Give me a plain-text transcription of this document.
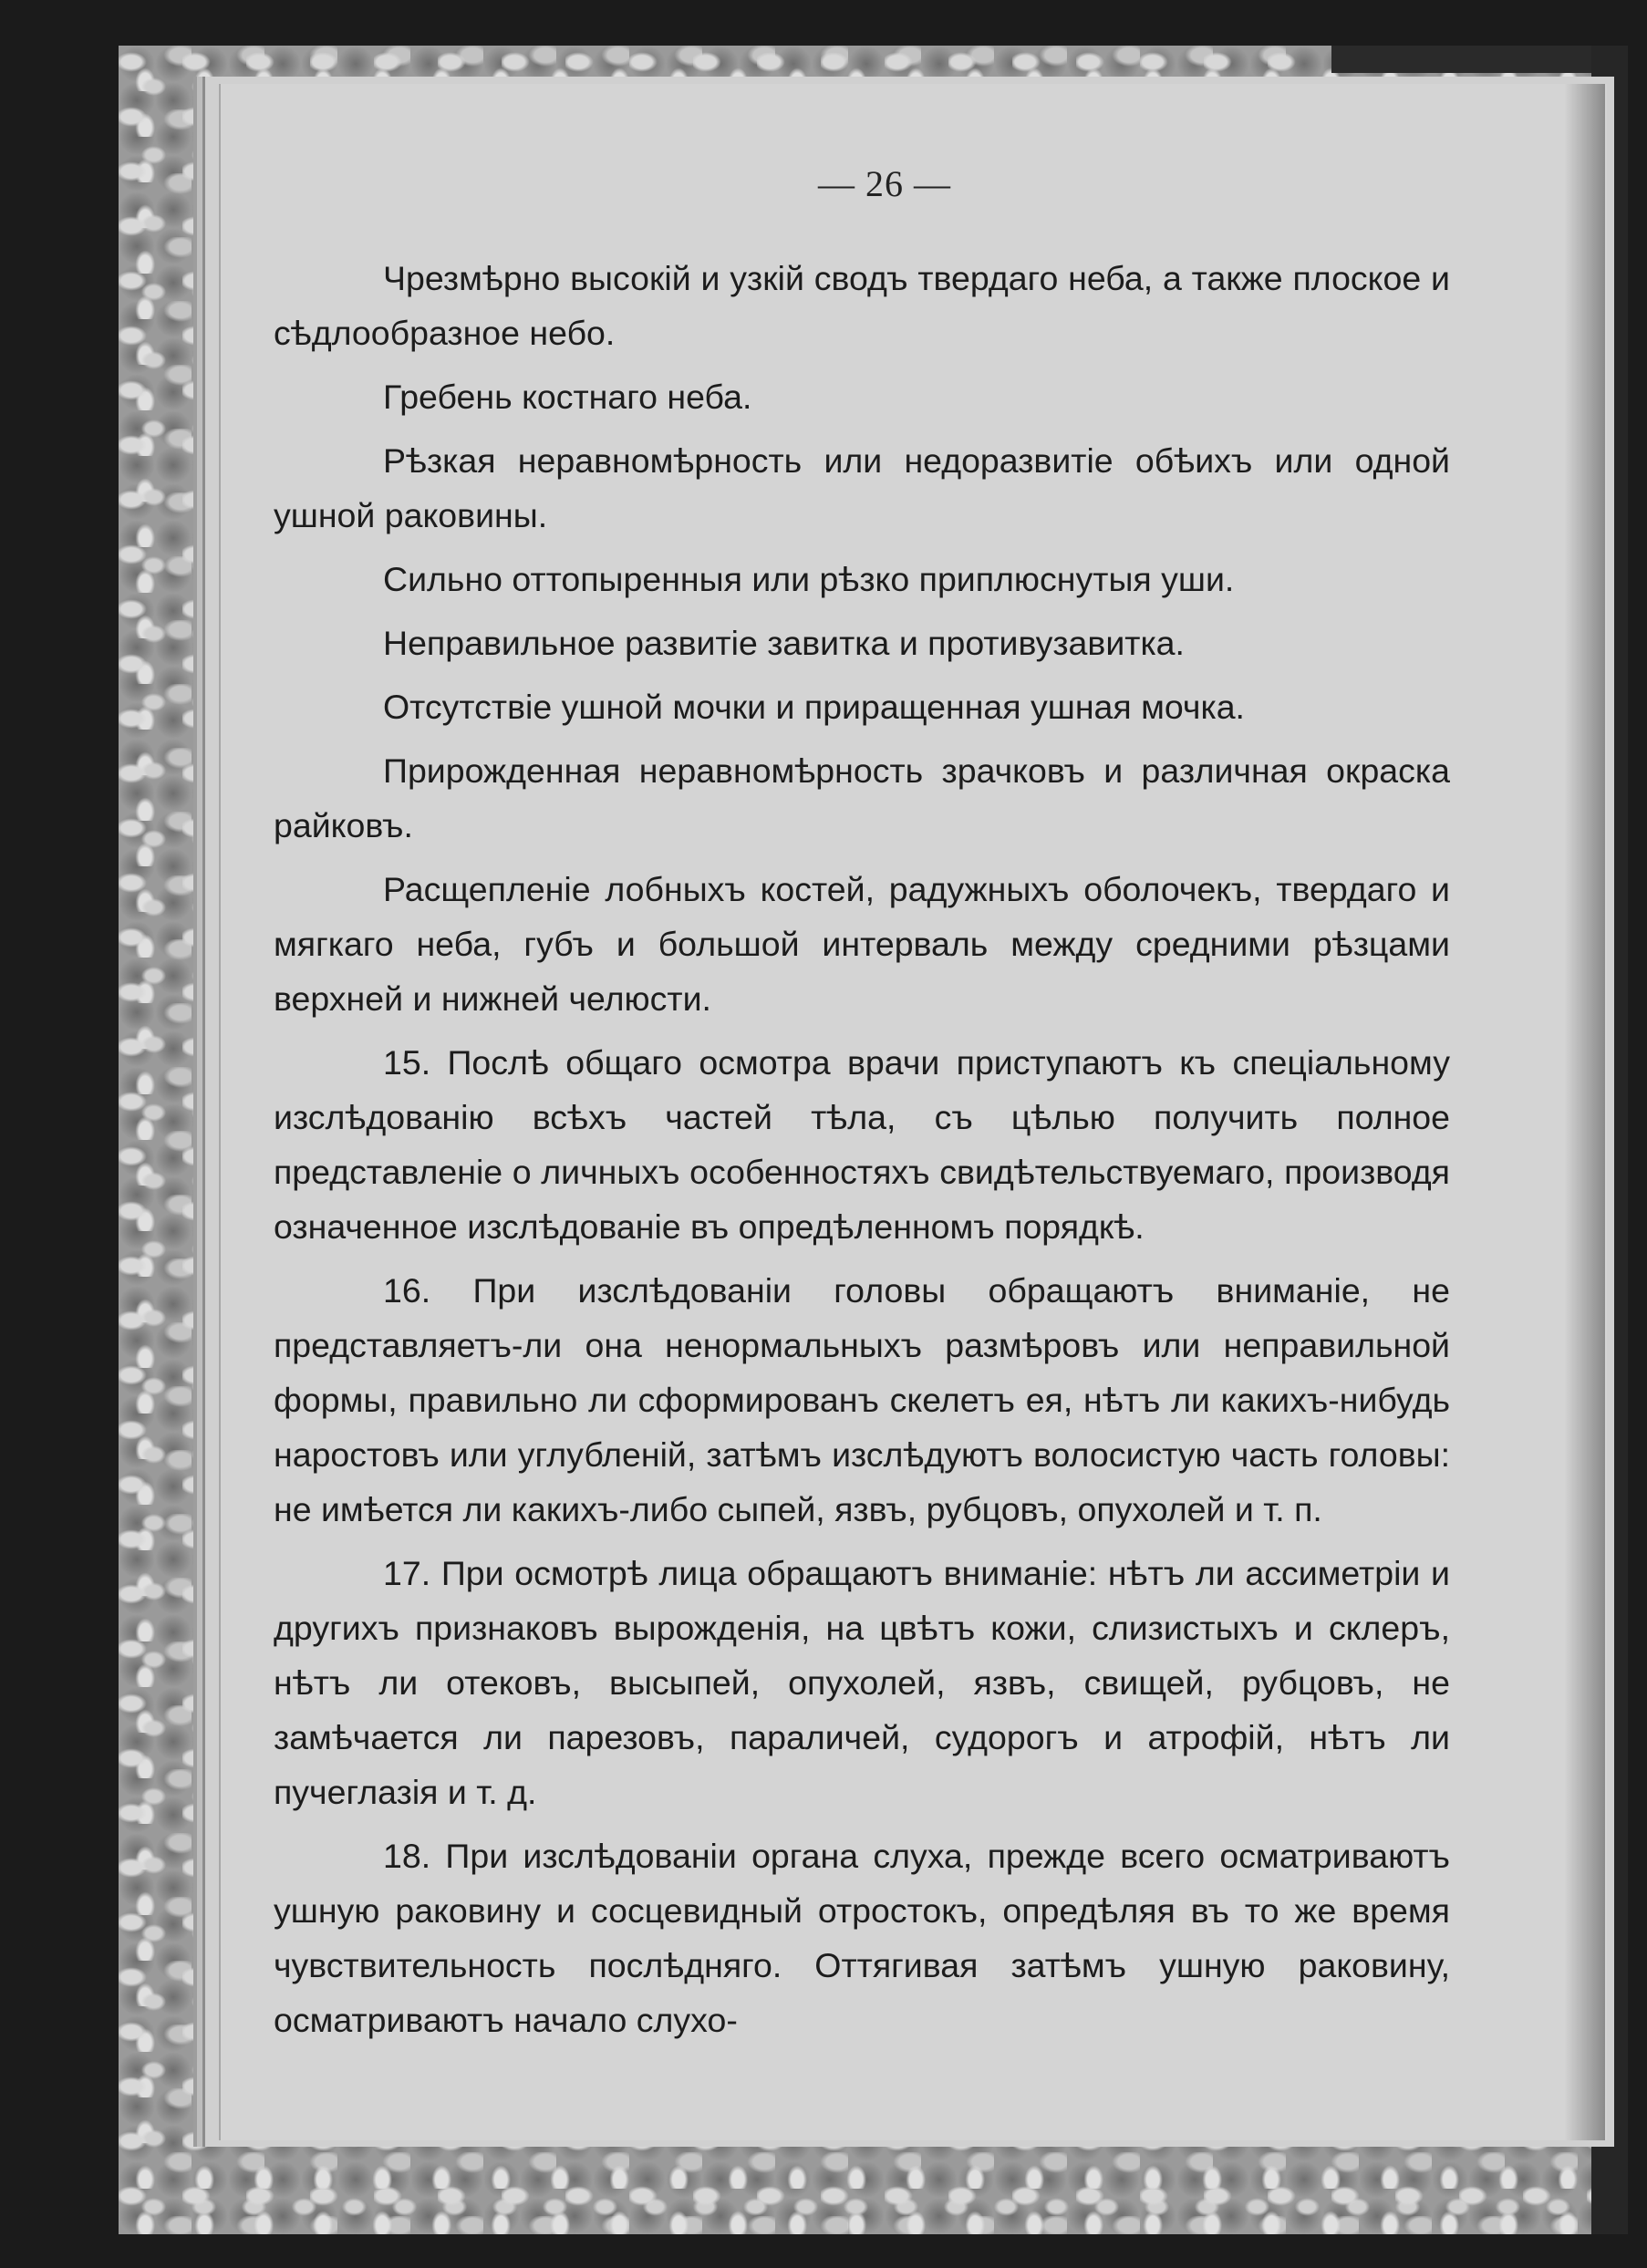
— 26 —

Чрезмѣрно высокій и узкій сводъ твердаго неба, а также плоское и сѣдлообразное небо.

Гребень костнаго неба.

Рѣзкая неравномѣрность или недоразвитіе обѣихъ или одной ушной раковины.

Сильно оттопыренныя или рѣзко приплюснутыя уши.

Неправильное развитіе завитка и противузавитка.

Отсутствіе ушной мочки и приращенная ушная мочка.

Прирожденная неравномѣрность зрачковъ и различная окраска райковъ.

Расщепленіе лобныхъ костей, радужныхъ оболочекъ, твердаго и мягкаго неба, губъ и большой интерваль между средними рѣзцами верхней и нижней челюсти.

15. Послѣ общаго осмотра врачи приступаютъ къ спеціальному изслѣдованію всѣхъ частей тѣла, съ цѣлью получить полное представленіе о личныхъ особенностяхъ свидѣтельствуемаго, производя означенное изслѣдованіе въ опредѣленномъ порядкѣ.

16. При изслѣдованіи головы обращаютъ вниманіе, не представляетъ-ли она ненормальныхъ размѣровъ или неправильной формы, правильно ли сформированъ скелетъ ея, нѣтъ ли какихъ-нибудь наростовъ или углубленій, затѣмъ изслѣдуютъ волосистую часть головы: не имѣется ли какихъ-либо сыпей, язвъ, рубцовъ, опухолей и т. п.

17. При осмотрѣ лица обращаютъ вниманіе: нѣтъ ли ассиметріи и другихъ признаковъ вырожденія, на цвѣтъ кожи, слизистыхъ и склеръ, нѣтъ ли отековъ, высыпей, опухолей, язвъ, свищей, рубцовъ, не замѣчается ли парезовъ, параличей, судорогъ и атрофій, нѣтъ ли пучеглазія и т. д.

18. При изслѣдованіи органа слуха, прежде всего осматриваютъ ушную раковину и сосцевидный отростокъ, опредѣляя въ то же время чувствительность послѣдняго. Оттягивая затѣмъ ушную раковину, осматриваютъ начало слухо-
